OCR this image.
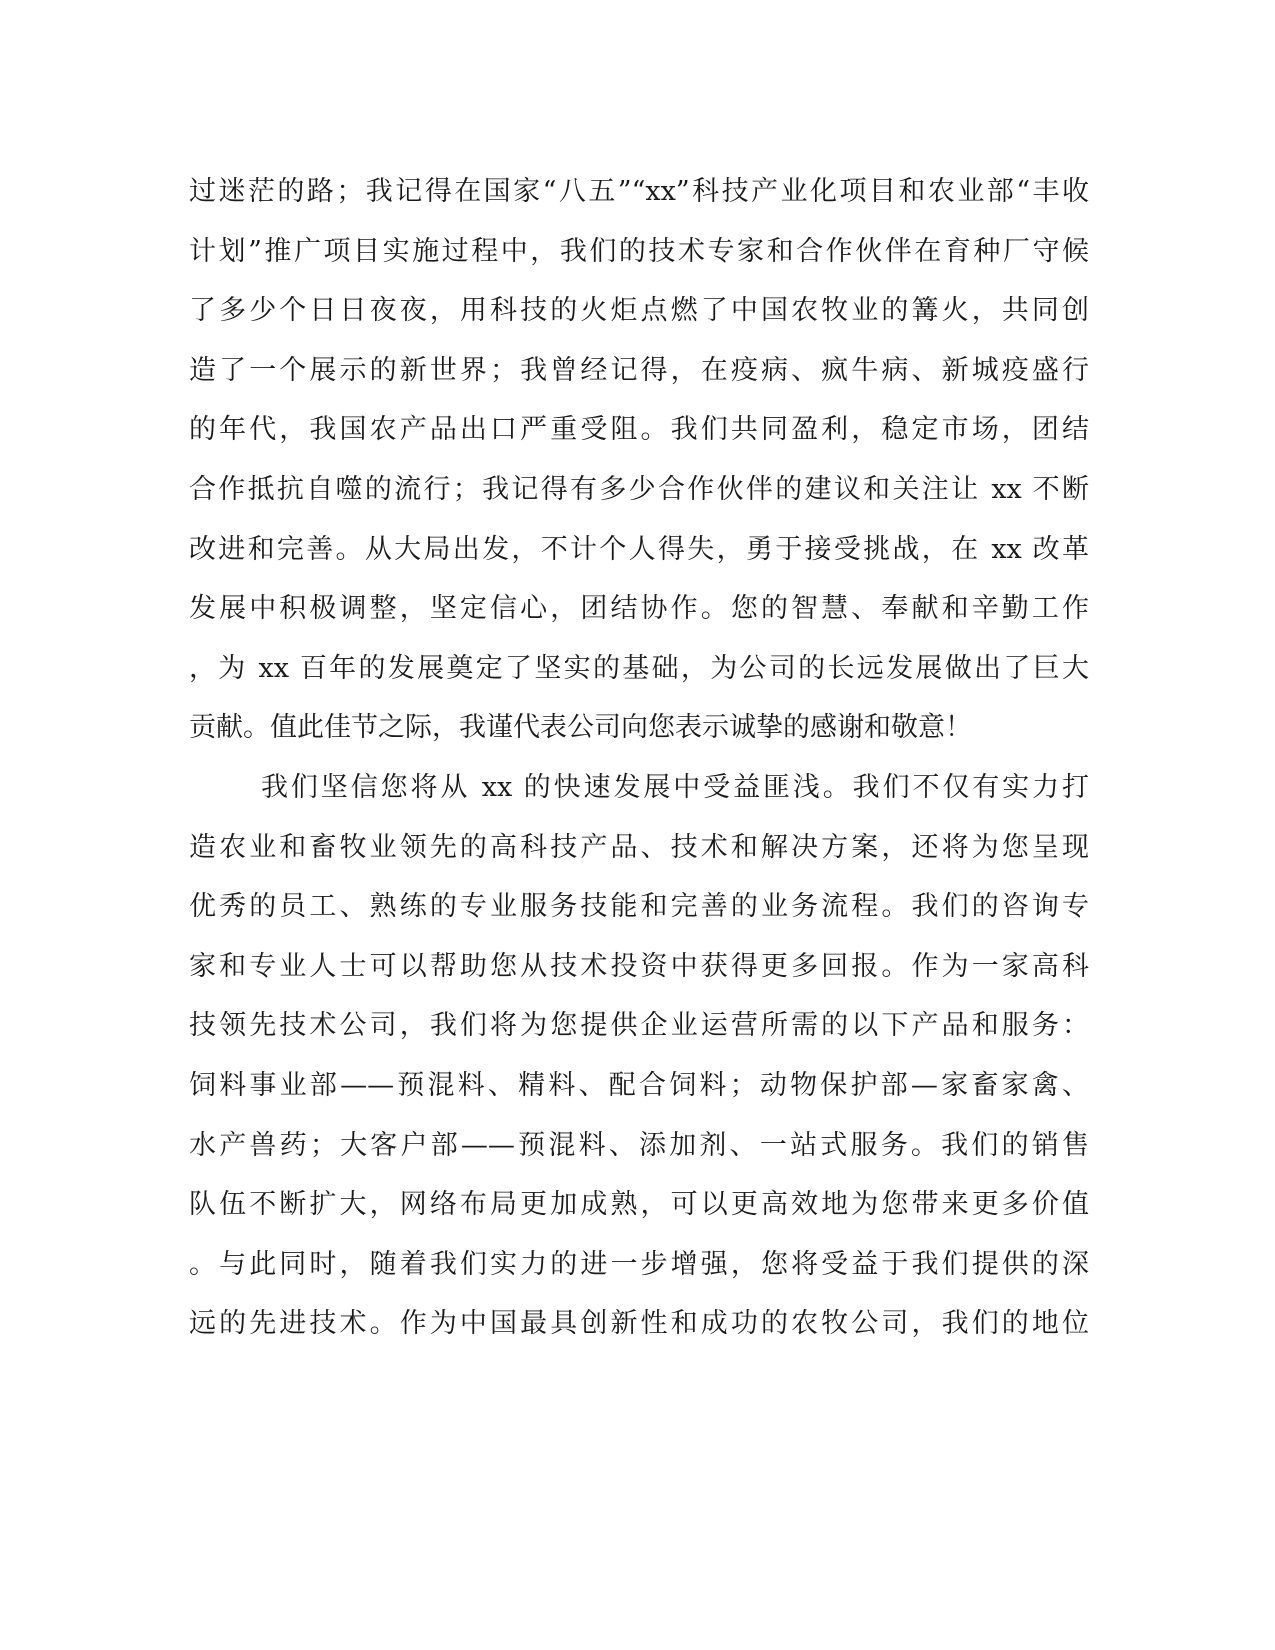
过迷茫的路；我记得在国家“八五”“xx”科技产业化项目和农业部“丰收
计划”推广项目实施过程中，我们的技术专家和合作伙伴在育种厂守候
了多少个日日夜夜，用科技的火炬点燃了中国农牧业的篝火，共同创
造了一个展示的新世界；我曾经记得，在疫病、疯牛病、新城疫盛行
的年代，我国农产品出口严重受阻。我们共同盈利，稳定市场，团结
合作抵抗自噬的流行；我记得有多少合作伙伴的建议和关注让 xx 不断
改进和完善。从大局出发，不计个人得失，勇于接受挑战，在 xx 改革
发展中积极调整，坚定信心，团结协作。您的智慧、奉献和辛勤工作
，为 xx 百年的发展奠定了坚实的基础，为公司的长远发展做出了巨大
贡献。值此佳节之际，我谨代表公司向您表示诚挚的感谢和敬意！
我们坚信您将从 xx 的快速发展中受益匪浅。我们不仅有实力打
造农业和畜牧业领先的高科技产品、技术和解决方案，还将为您呈现
优秀的员工、熟练的专业服务技能和完善的业务流程。我们的咨询专
家和专业人士可以帮助您从技术投资中获得更多回报。作为一家高科
技领先技术公司，我们将为您提供企业运营所需的以下产品和服务：
饲料事业部——预混料、精料、配合饲料；动物保护部—家畜家禽、
水产兽药；大客户部——预混料、添加剂、一站式服务。我们的销售
队伍不断扩大，网络布局更加成熟，可以更高效地为您带来更多价值
。与此同时，随着我们实力的进一步增强，您将受益于我们提供的深
远的先进技术。作为中国最具创新性和成功的农牧公司，我们的地位
